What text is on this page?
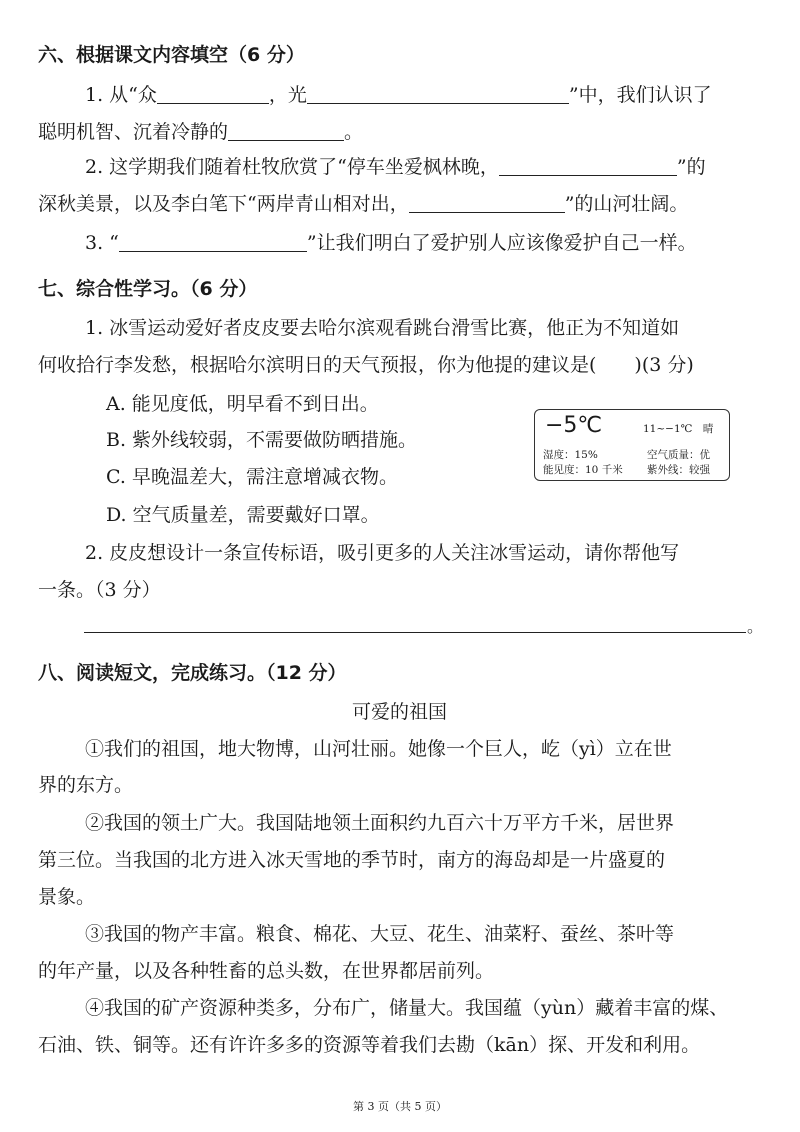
六、根据课文内容填空（6 分）
1. 从“众	，光	”中，我们认识了
聪明机智、沉着冷静的	。
2. 这学期我们随着杜牧欣赏了“停车坐爱枫林晚，	”的
深秋美景，以及李白笔下“两岸青山相对出，	”的山河壮阔。
3. “	”让我们明白了爱护别人应该像爱护自己一样。
七、综合性学习。（6 分）
1. 冰雪运动爱好者皮皮要去哈尔滨观看跳台滑雪比赛，他正为不知道如
何收拾行李发愁，根据哈尔滨明日的天气预报，你为他提的建议是(　　)(3 分)
A. 能见度低，明早看不到日出。
B. 紫外线较弱，不需要做防晒措施。
C. 早晚温差大，需注意增减衣物。
D. 空气质量差，需要戴好口罩。
−5℃	11~−1℃　晴
湿度：15%	空气质量：优
能见度：10 千米 紫外线：较强
2. 皮皮想设计一条宣传标语，吸引更多的人关注冰雪运动，请你帮他写
一条。（3 分）
。
八、阅读短文，完成练习。（12 分）
可爱的祖国
①我们的祖国，地大物博，山河壮丽。她像一个巨人，屹（yì）立在世
界的东方。
②我国的领土广大。我国陆地领土面积约九百六十万平方千米，居世界
第三位。当我国的北方进入冰天雪地的季节时，南方的海岛却是一片盛夏的
景象。
③我国的物产丰富。粮食、棉花、大豆、花生、油菜籽、蚕丝、茶叶等
的年产量，以及各种牲畜的总头数，在世界都居前列。
④我国的矿产资源种类多，分布广，储量大。我国蕴（yùn）藏着丰富的煤、
石油、铁、铜等。还有许许多多的资源等着我们去勘（kān）探、开发和利用。
第 3 页（共 5 页）
